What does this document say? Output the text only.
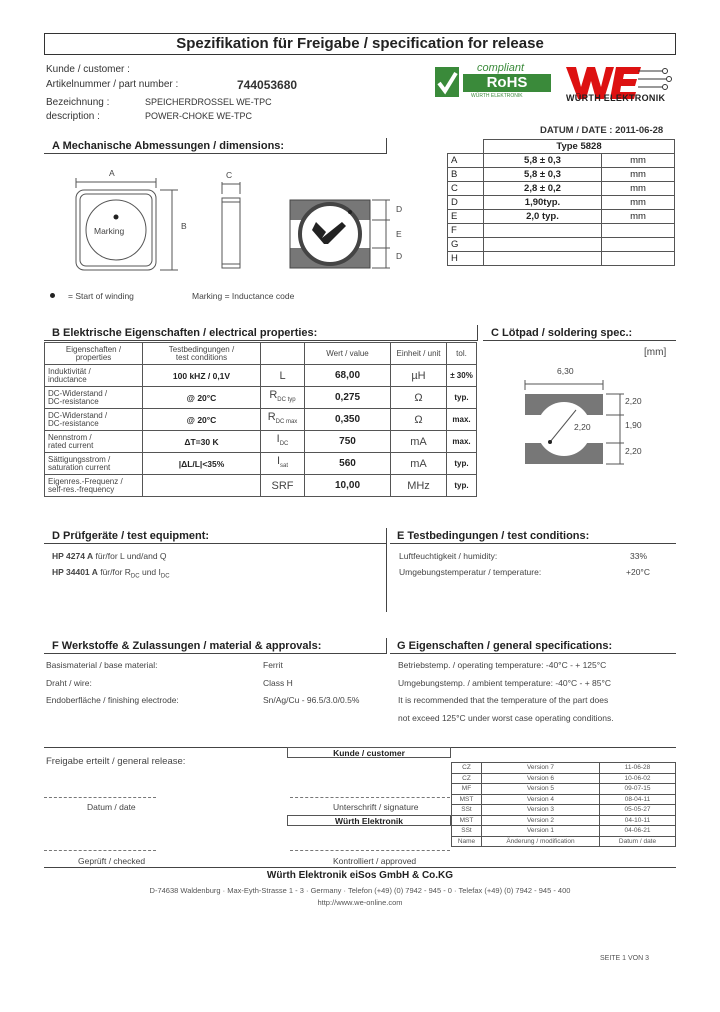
Spezifikation für Freigabe / specification for release
Kunde / customer :
Artikelnummer / part number :	744053680
Bezeichnung :	SPEICHERDROSSEL WE-TPC
description :	POWER-CHOKE WE-TPC
compliant
RoHS
WÜRTH ELEKTRONIK	WÜRTH ELEKTRONIK
DATUM / DATE : 2011-06-28
A Mechanische Abmessungen / dimensions:
		Type 5828	
A	5,8 ± 0,3	mm
B	5,8 ± 0,3	mm
C	2,8 ± 0,2	mm
D	1,90typ.	mm
E	2,0 typ.	mm
F		
G		
H		
A
B
C
D
E
D
Marking
= Start of winding	Marking = Inductance code
B Elektrische Eigenschaften / electrical properties:
Eigenschaften /
properties	Testbedingungen /
test conditions		Wert / value	Einheit / unit	tol.
Induktivität /
inductance	100 kHZ / 0,1V	L	68,00	µH	± 30%
DC-Widerstand /
DC-resistance	@ 20°C	$R_{DC typ}$	0,275	Ω	typ.
DC-Widerstand /
DC-resistance	@ 20°C	$R_{DC max}$	0,350	Ω	max.
Nennstrom /
rated current	ΔT=30 K	$I_{DC}$	750	mA	max.
Sättigungsstrom /
saturation current	|ΔL/L|<35%	$I_{sat}$	560	mA	typ.
Eigenres.-Frequenz /
self-res.-frequency		SRF	10,00	MHz	typ.
C Lötpad / soldering spec.:
[mm]
6,30
2,20
1,90
2,20
2,20
D Prüfgeräte / test equipment:
HP 4274 A für/for L und/and Q
HP 34401 A für/for $R_{DC}$ und $I_{DC}$
E Testbedingungen / test conditions:
Luftfeuchtigkeit / humidity:	33%
Umgebungstemperatur / temperature:	+20°C
F Werkstoffe & Zulassungen / material & approvals:
Basismaterial / base material:	Ferrit
Draht / wire:	Class H
Endoberfläche / finishing electrode:	Sn/Ag/Cu - 96.5/3.0/0.5%
G Eigenschaften / general specifications:
Betriebstemp. / operating temperature: -40°C - + 125°C
Umgebungstemp. / ambient temperature: -40°C - + 85°C
It is recommended that the temperature of the part does
not exceed 125°C under worst case operating conditions.
Kunde / customer
Freigabe erteilt / general release:
Datum / date	Unterschrift / signature
Würth Elektronik
Geprüft / checked	Kontrolliert / approved
CZ	Version 7	11-06-28
CZ	Version 6	10-06-02
MF	Version 5	09-07-15
MST	Version 4	08-04-11
SSt	Version 3	05-05-27
MST	Version 2	04-10-11
SSt	Version 1	04-06-21
Name	Änderung / modification	Datum / date
Würth Elektronik eiSos GmbH & Co.KG
D-74638 Waldenburg · Max-Eyth-Strasse 1 - 3 · Germany · Telefon (+49) (0) 7942 - 945 - 0 · Telefax (+49) (0) 7942 - 945 - 400
http://www.we-online.com
SEITE 1 VON 3
